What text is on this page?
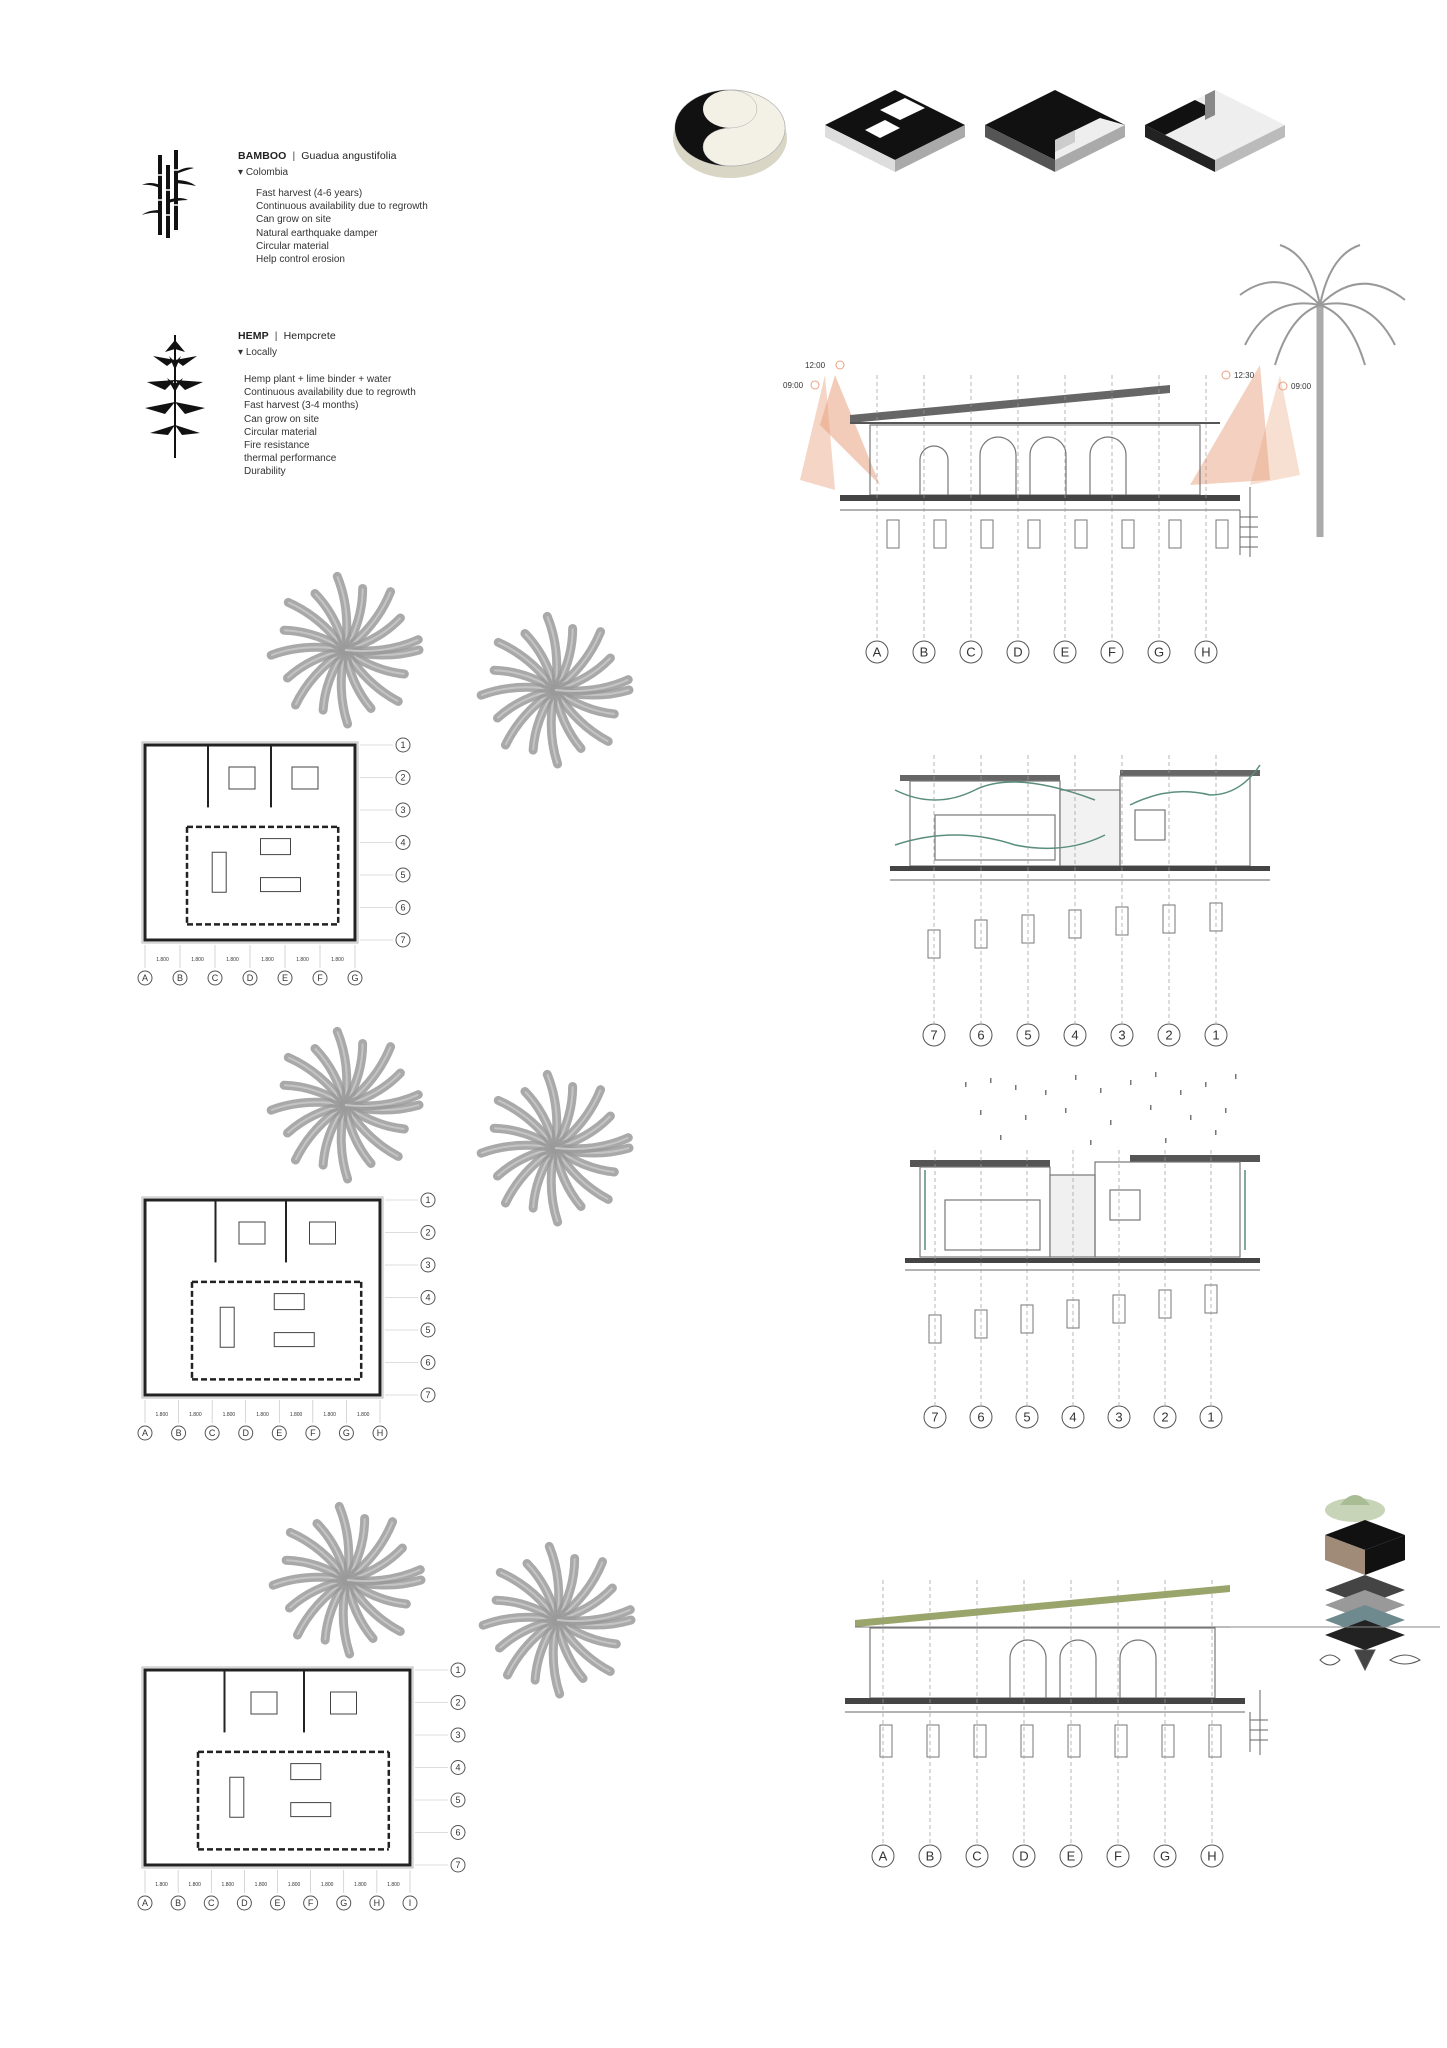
BAMBOO | Guadua angustifolia
▾ Colombia
Fast harvest (4-6 years)
Continuous availability due to regrowth
Can grow on site
Natural earthquake damper
Circular material
Help control erosion
HEMP | Hempcrete
▾ Locally
Hemp plant + lime binder + water
Continuous availability due to regrowth
Fast harvest (3-4 months)
Can grow on site
Circular material
Fire resistance
thermal performance
Durability
09:00
12:00
12:30
09:00
A	B	C	D	E	F	G	H
7	6	5	4	3	2	1
7	6	5	4	3	2	1
A	B	C	D	E	F	G	H
1
2
3
4
5
6
7
A
1.800
B
1.800
C
1.800
D
1.800
E
1.800
F
1.800
G
1
2
3
4
5
6
7
A
1.800
B
1.800
C
1.800
D
1.800
E
1.800
F
1.800
G
1.800
H
1
2
3
4
5
6
7
A
1.800
B
1.800
C
1.800
D
1.800
E
1.800
F
1.800
G
1.800
H
1.800
I
